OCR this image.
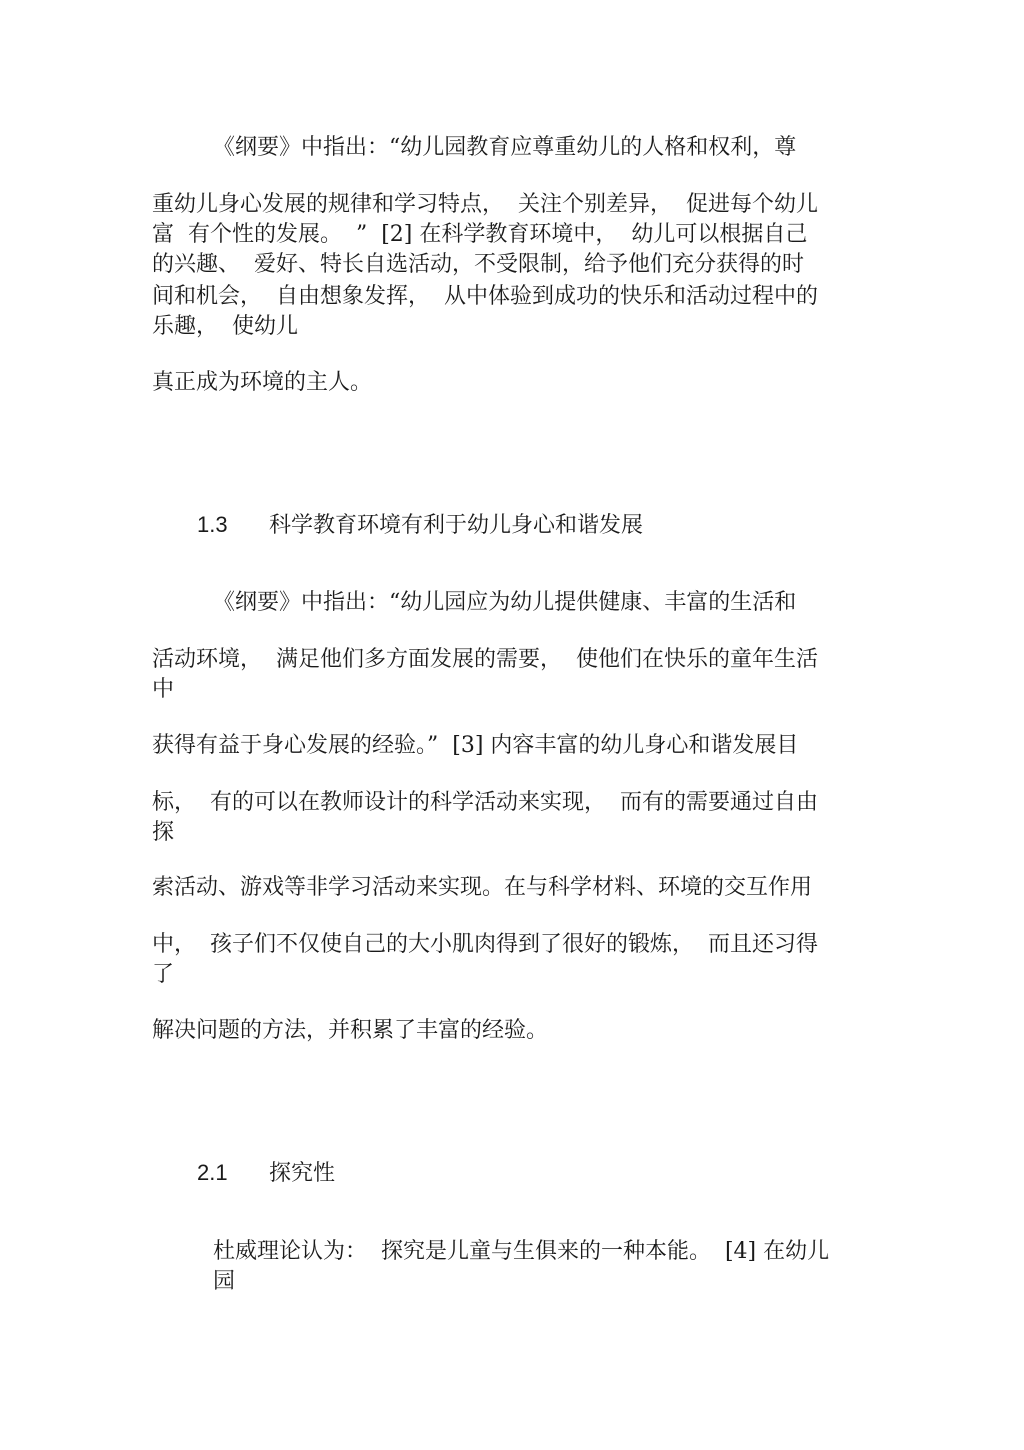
《纲要》中指出：“幼儿园教育应尊重幼儿的人格和权利，尊

重幼儿身心发展的规律和学习特点，  关注个别差异，  促进每个幼儿

富  有个性的发展。  ”  [2] 在科学教育环境中，  幼儿可以根据自己

的兴趣、  爱好、特长自选活动，不受限制，给予他们充分获得的时

间和机会，  自由想象发挥，  从中体验到成功的快乐和活动过程中的

乐趣，  使幼儿

真正成为环境的主人。

1.3 科学教育环境有利于幼儿身心和谐发展

《纲要》中指出：“幼儿园应为幼儿提供健康、丰富的生活和

活动环境，  满足他们多方面发展的需要，  使他们在快乐的童年生活

中

获得有益于身心发展的经验。”  [3] 内容丰富的幼儿身心和谐发展目

标，  有的可以在教师设计的科学活动来实现，  而有的需要通过自由

探

索活动、游戏等非学习活动来实现。在与科学材料、环境的交互作用

中，  孩子们不仅使自己的大小肌肉得到了很好的锻炼，  而且还习得

了

解决问题的方法，并积累了丰富的经验。

2.1 探究性

杜威理论认为：  探究是儿童与生俱来的一种本能。  [4] 在幼儿

园
